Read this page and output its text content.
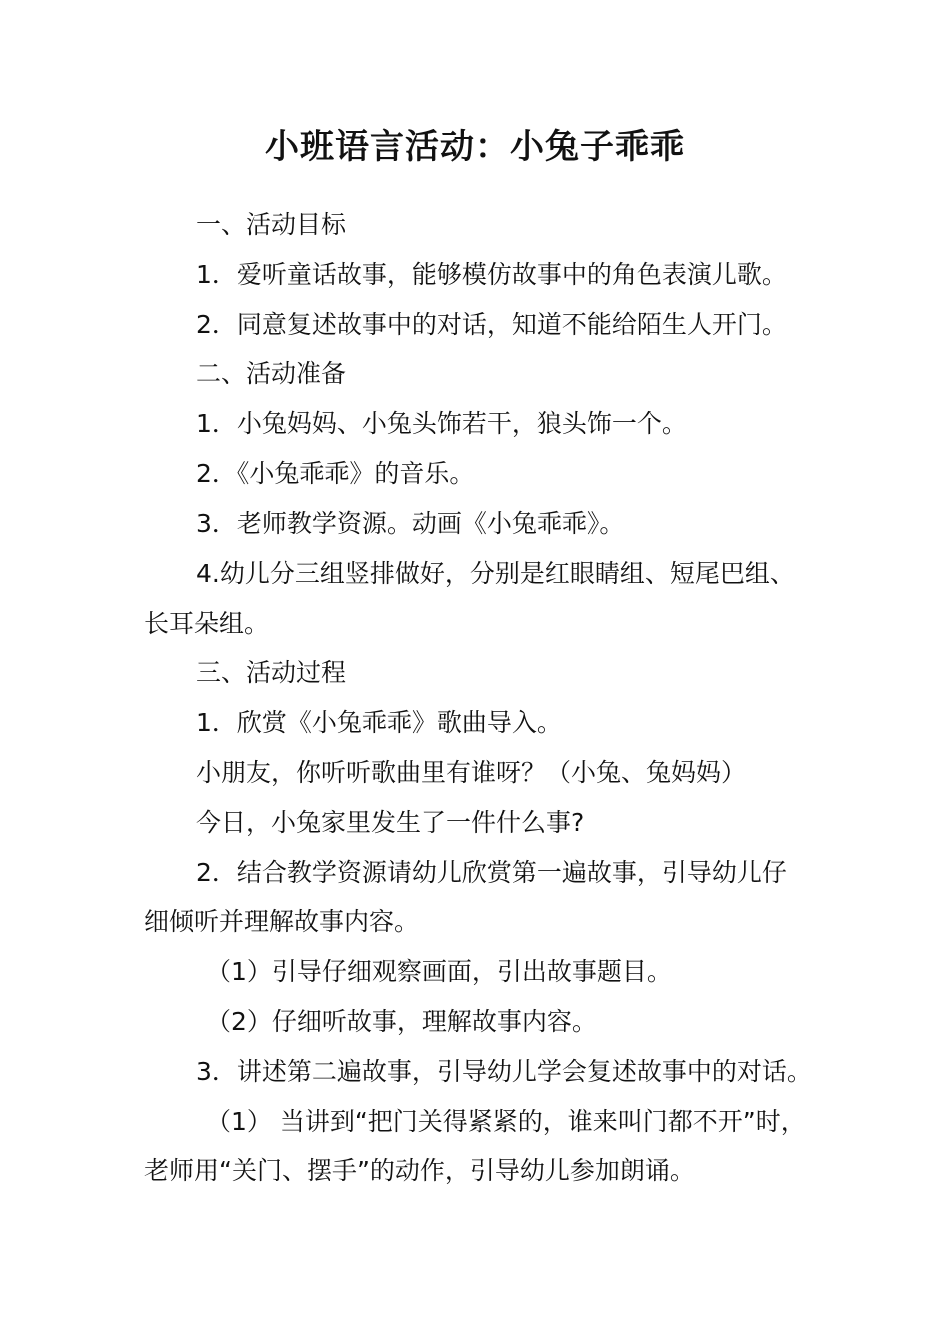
小班语言活动：小兔子乖乖

一、活动目标

1．爱听童话故事，能够模仿故事中的角色表演儿歌。

2．同意复述故事中的对话，知道不能给陌生人开门。

二、活动准备

1．小兔妈妈、小兔头饰若干，狼头饰一个。

2．《小兔乖乖》的音乐。

3．老师教学资源。动画《小兔乖乖》。

4.幼儿分三组竖排做好，分别是红眼睛组、短尾巴组、

长耳朵组。

三、活动过程

1．欣赏《小兔乖乖》歌曲导入。

小朋友，你听听歌曲里有谁呀？（小兔、兔妈妈）

今日，小兔家里发生了一件什么事?

2．结合教学资源请幼儿欣赏第一遍故事，引导幼儿仔

细倾听并理解故事内容。

（1）引导仔细观察画面，引出故事题目。

（2）仔细听故事，理解故事内容。

3．讲述第二遍故事，引导幼儿学会复述故事中的对话。

（1） 当讲到“把门关得紧紧的，谁来叫门都不开”时，

老师用“关门、摆手”的动作，引导幼儿参加朗诵。
